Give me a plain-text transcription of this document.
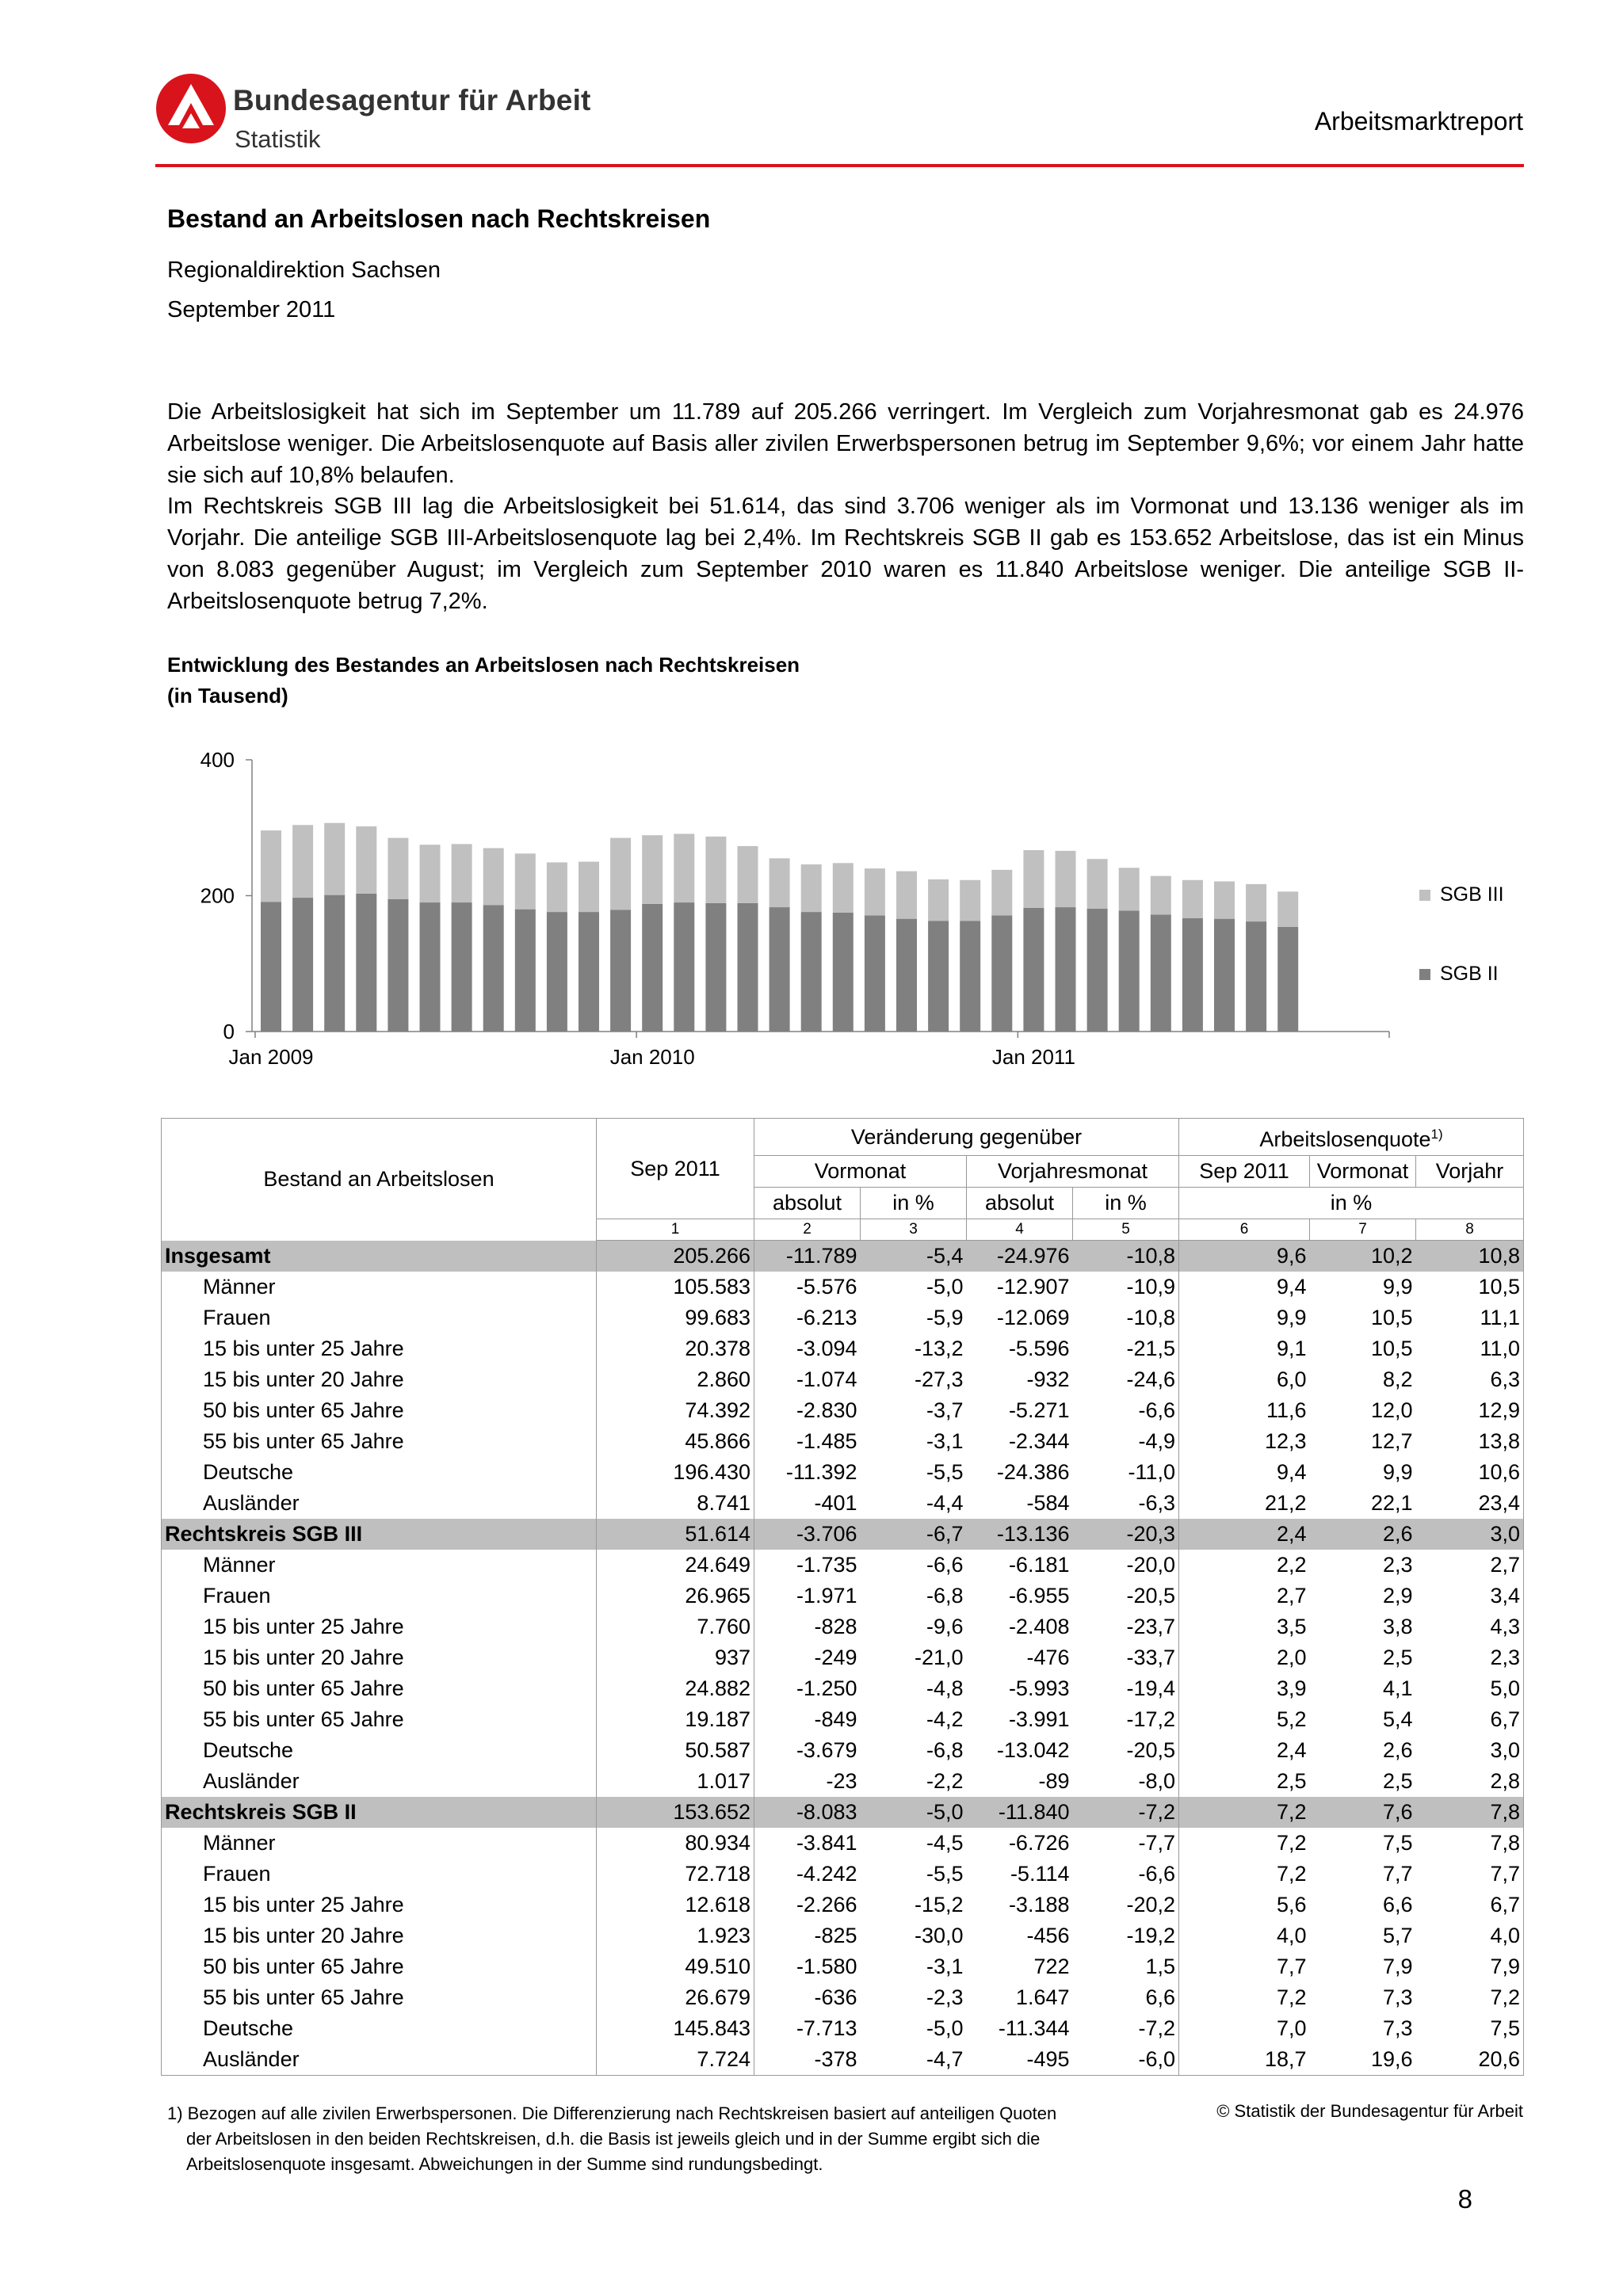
Bundesagentur für Arbeit
Statistik
Arbeitsmarktreport
Bestand an Arbeitslosen nach Rechtskreisen
Regionaldirektion Sachsen
September 2011
Die Arbeitslosigkeit hat sich im September um 11.789 auf 205.266 verringert. Im Vergleich zum Vorjahresmonat gab es 24.976 Arbeitslose weniger. Die Arbeitslosenquote auf Basis aller zivilen Erwerbspersonen betrug im September 9,6%; vor einem Jahr hatte sie sich auf 10,8% belaufen.
Im Rechtskreis SGB III lag die Arbeitslosigkeit bei 51.614, das sind 3.706 weniger als im Vormonat und 13.136 weniger als im Vorjahr. Die anteilige SGB III-Arbeitslosenquote lag bei 2,4%. Im Rechtskreis SGB II gab es 153.652 Arbeitslose, das ist ein Minus von 8.083 gegenüber August; im Vergleich zum September 2010 waren es 11.840 Arbeitslose weniger. Die anteilige SGB II-Arbeitslosenquote betrug 7,2%.
Entwicklung des Bestandes an Arbeitslosen nach Rechtskreisen
(in Tausend)
0
200
400
Jan 2009	Jan 2010	Jan 2011
SGB III
SGB II
Bestand an Arbeitslosen	Sep 2011	Veränderung gegenüber				Arbeitslosenquote$^{1)}$
		Vormonat		Vorjahresmonat		Sep 2011	Vormonat	Vorjahr
		absolut	in %	absolut	in %	in %		
	1	2	3	4	5	6	7	8
Insgesamt	205.266	-11.789	-5,4	-24.976	-10,8	9,6	10,2	10,8
Männer	105.583	-5.576	-5,0	-12.907	-10,9	9,4	9,9	10,5
Frauen	99.683	-6.213	-5,9	-12.069	-10,8	9,9	10,5	11,1
15 bis unter 25 Jahre	20.378	-3.094	-13,2	-5.596	-21,5	9,1	10,5	11,0
15 bis unter 20 Jahre	2.860	-1.074	-27,3	-932	-24,6	6,0	8,2	6,3
50 bis unter 65 Jahre	74.392	-2.830	-3,7	-5.271	-6,6	11,6	12,0	12,9
55 bis unter 65 Jahre	45.866	-1.485	-3,1	-2.344	-4,9	12,3	12,7	13,8
Deutsche	196.430	-11.392	-5,5	-24.386	-11,0	9,4	9,9	10,6
Ausländer	8.741	-401	-4,4	-584	-6,3	21,2	22,1	23,4
Rechtskreis SGB III	51.614	-3.706	-6,7	-13.136	-20,3	2,4	2,6	3,0
Männer	24.649	-1.735	-6,6	-6.181	-20,0	2,2	2,3	2,7
Frauen	26.965	-1.971	-6,8	-6.955	-20,5	2,7	2,9	3,4
15 bis unter 25 Jahre	7.760	-828	-9,6	-2.408	-23,7	3,5	3,8	4,3
15 bis unter 20 Jahre	937	-249	-21,0	-476	-33,7	2,0	2,5	2,3
50 bis unter 65 Jahre	24.882	-1.250	-4,8	-5.993	-19,4	3,9	4,1	5,0
55 bis unter 65 Jahre	19.187	-849	-4,2	-3.991	-17,2	5,2	5,4	6,7
Deutsche	50.587	-3.679	-6,8	-13.042	-20,5	2,4	2,6	3,0
Ausländer	1.017	-23	-2,2	-89	-8,0	2,5	2,5	2,8
Rechtskreis SGB II	153.652	-8.083	-5,0	-11.840	-7,2	7,2	7,6	7,8
Männer	80.934	-3.841	-4,5	-6.726	-7,7	7,2	7,5	7,8
Frauen	72.718	-4.242	-5,5	-5.114	-6,6	7,2	7,7	7,7
15 bis unter 25 Jahre	12.618	-2.266	-15,2	-3.188	-20,2	5,6	6,6	6,7
15 bis unter 20 Jahre	1.923	-825	-30,0	-456	-19,2	4,0	5,7	4,0
50 bis unter 65 Jahre	49.510	-1.580	-3,1	722	1,5	7,7	7,9	7,9
55 bis unter 65 Jahre	26.679	-636	-2,3	1.647	6,6	7,2	7,3	7,2
Deutsche	145.843	-7.713	-5,0	-11.344	-7,2	7,0	7,3	7,5
Ausländer	7.724	-378	-4,7	-495	-6,0	18,7	19,6	20,6
1) Bezogen auf alle zivilen Erwerbspersonen. Die Differenzierung nach Rechtskreisen basiert auf anteiligen Quoten
der Arbeitslosen in den beiden Rechtskreisen, d.h. die Basis ist jeweils gleich und in der Summe ergibt sich die
Arbeitslosenquote insgesamt. Abweichungen in der Summe sind rundungsbedingt.
© Statistik der Bundesagentur für Arbeit
8
